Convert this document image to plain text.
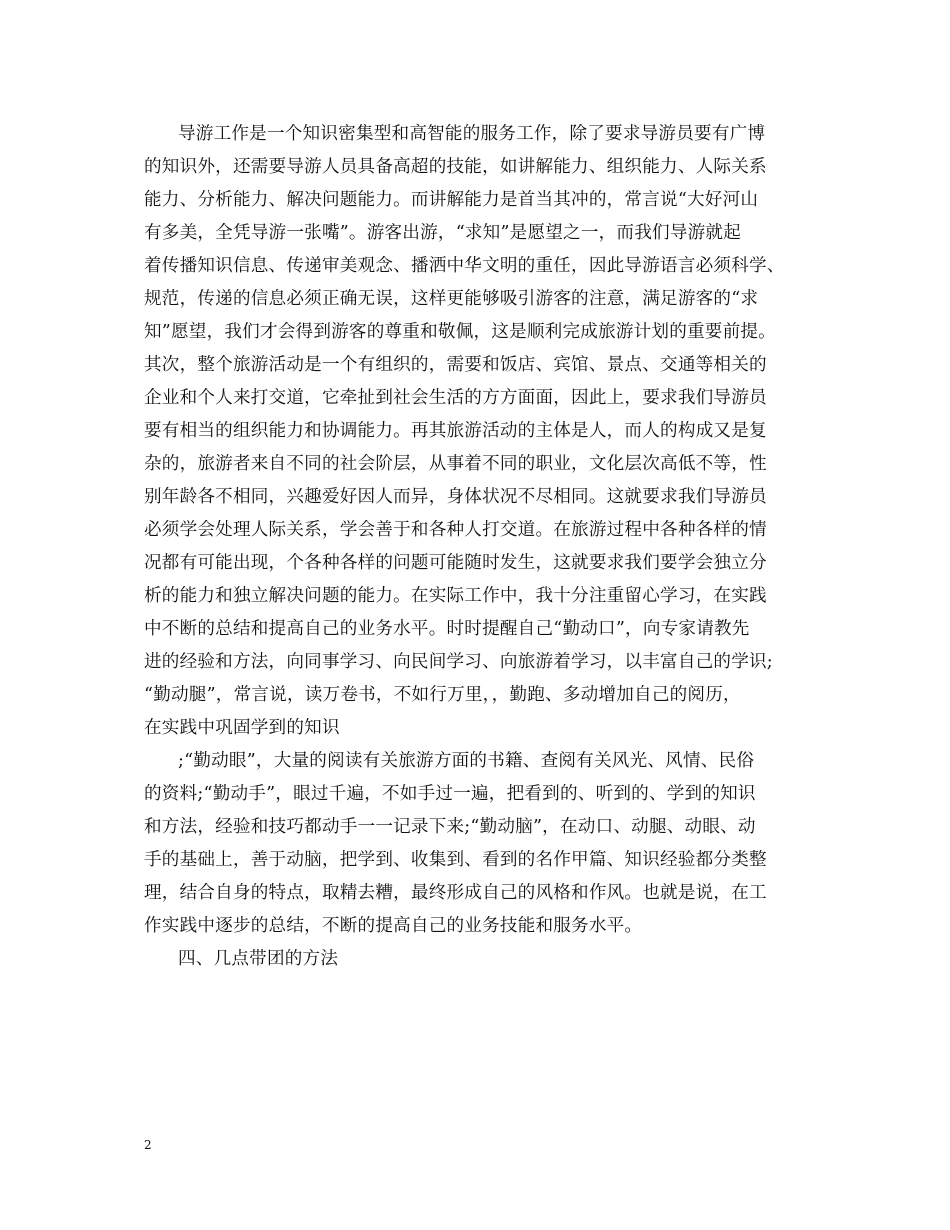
导游工作是一个知识密集型和高智能的服务工作，除了要求导游员要有广博
的知识外，还需要导游人员具备高超的技能，如讲解能力、组织能力、人际关系
能力、分析能力、解决问题能力。而讲解能力是首当其冲的，常言说“大好河山
有多美，全凭导游一张嘴”。游客出游，“求知”是愿望之一，而我们导游就起
着传播知识信息、传递审美观念、播洒中华文明的重任，因此导游语言必须科学、
规范，传递的信息必须正确无误，这样更能够吸引游客的注意，满足游客的“求
知”愿望，我们才会得到游客的尊重和敬佩，这是顺利完成旅游计划的重要前提。
其次，整个旅游活动是一个有组织的，需要和饭店、宾馆、景点、交通等相关的
企业和个人来打交道，它牵扯到社会生活的方方面面，因此上，要求我们导游员
要有相当的组织能力和协调能力。再其旅游活动的主体是人，而人的构成又是复
杂的，旅游者来自不同的社会阶层，从事着不同的职业，文化层次高低不等，性
别年龄各不相同，兴趣爱好因人而异，身体状况不尽相同。这就要求我们导游员
必须学会处理人际关系，学会善于和各种人打交道。在旅游过程中各种各样的情
况都有可能出现，个各种各样的问题可能随时发生，这就要求我们要学会独立分
析的能力和独立解决问题的能力。在实际工作中，我十分注重留心学习，在实践
中不断的总结和提高自己的业务水平。时时提醒自己“勤动口”，向专家请教先
进的经验和方法，向同事学习、向民间学习、向旅游着学习，以丰富自己的学识;
“勤动腿”，常言说，读万卷书，不如行万里，，勤跑、多动增加自己的阅历，
在实践中巩固学到的知识
;“勤动眼”，大量的阅读有关旅游方面的书籍、查阅有关风光、风情、民俗
的资料;“勤动手”，眼过千遍，不如手过一遍，把看到的、听到的、学到的知识
和方法，经验和技巧都动手一一记录下来;“勤动脑”，在动口、动腿、动眼、动
手的基础上，善于动脑，把学到、收集到、看到的名作甲篇、知识经验都分类整
理，结合自身的特点，取精去糟，最终形成自己的风格和作风。也就是说，在工
作实践中逐步的总结，不断的提高自己的业务技能和服务水平。
四、几点带团的方法
2
